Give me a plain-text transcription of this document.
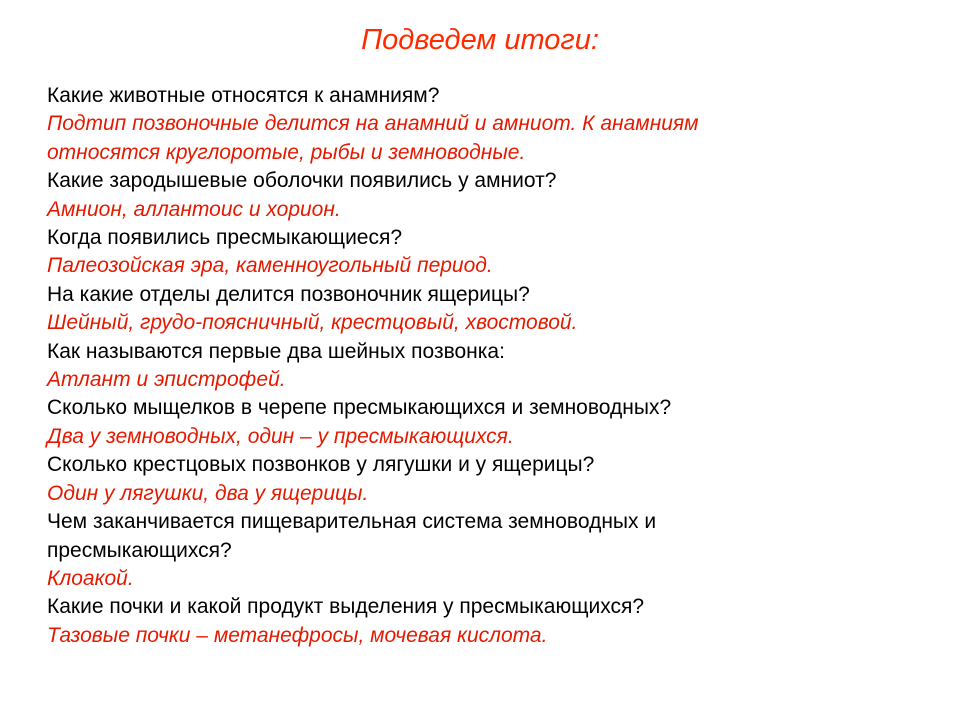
Подведем итоги:
Какие животные относятся к анамниям?
Подтип позвоночные делится на анамний и амниот. К анамниям относятся круглоротые, рыбы и земноводные.
Какие зародышевые оболочки появились у амниот?
Амнион, аллантоис и хорион.
Когда появились пресмыкающиеся?
Палеозойская эра, каменноугольный период.
На какие отделы делится позвоночник ящерицы?
Шейный, грудо-поясничный, крестцовый, хвостовой.
Как называются первые два шейных позвонка:
Атлант и эпистрофей.
Сколько мыщелков в черепе пресмыкающихся и земноводных?
Два у земноводных, один – у пресмыкающихся.
Сколько крестцовых позвонков у лягушки и у ящерицы?
Один у лягушки, два у ящерицы.
Чем заканчивается пищеварительная система земноводных и пресмыкающихся?
Клоакой.
Какие почки и какой продукт выделения у пресмыкающихся?
Тазовые почки – метанефросы, мочевая кислота.
